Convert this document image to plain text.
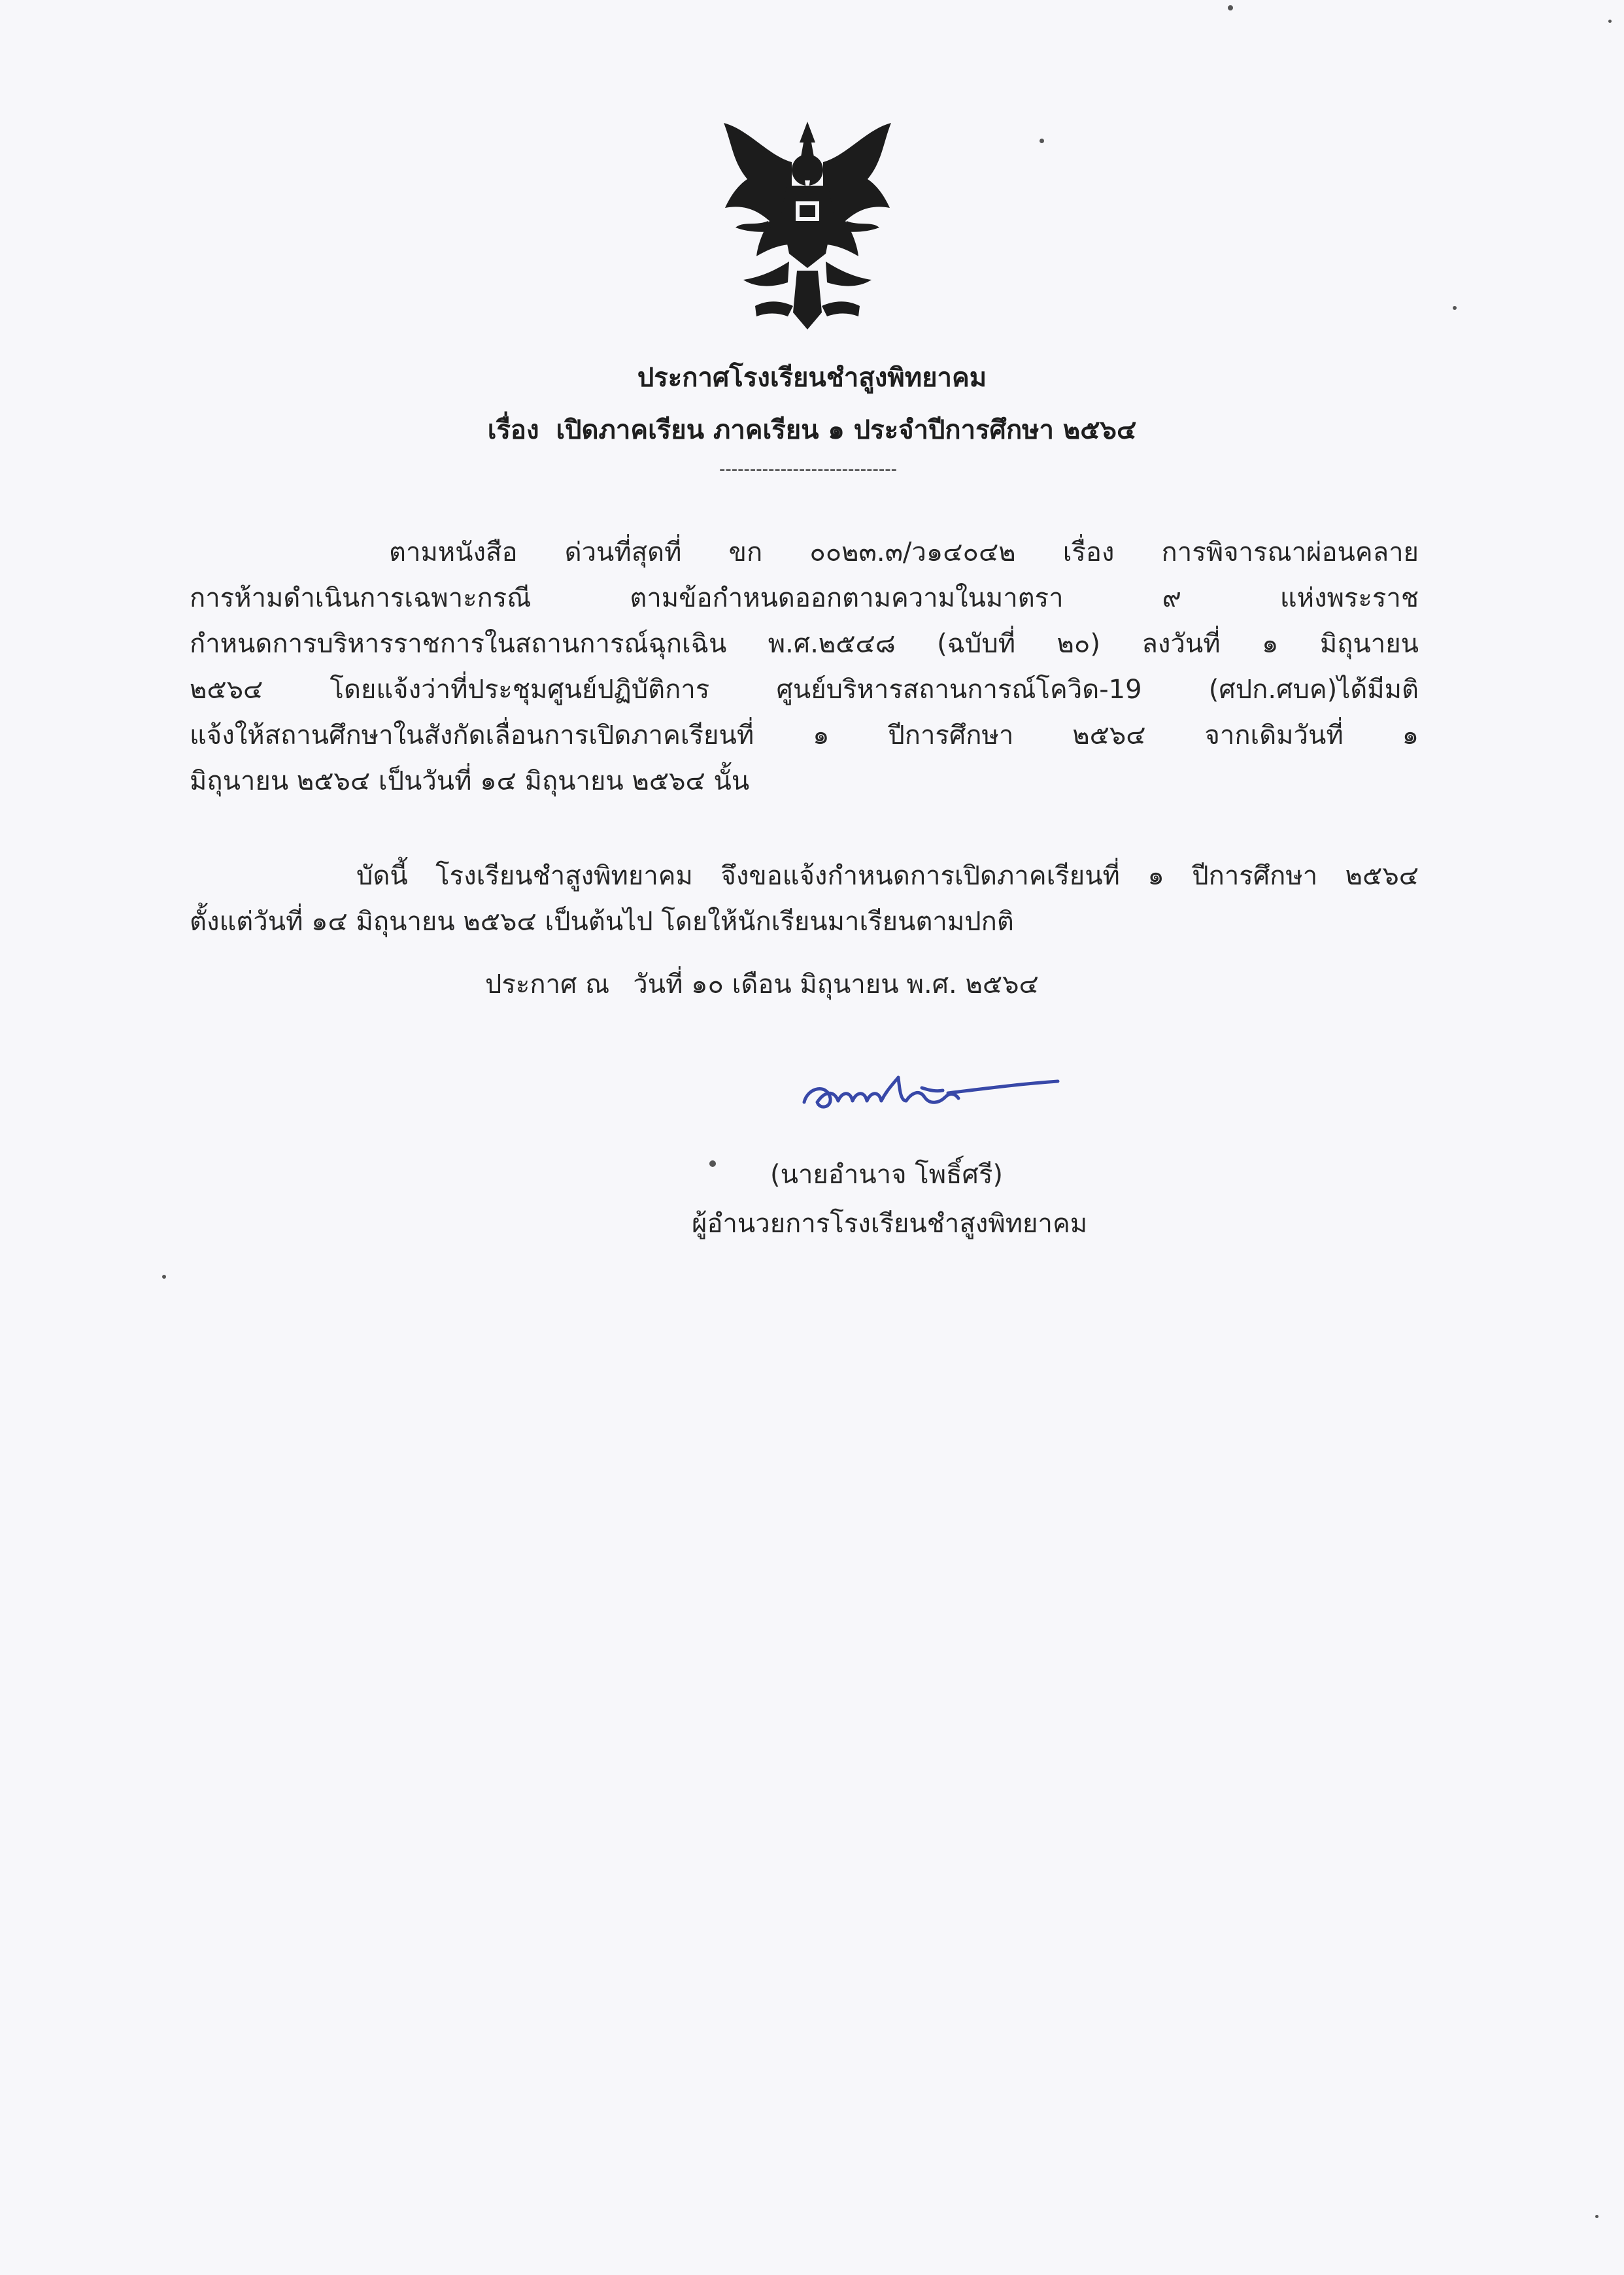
ประกาศโรงเรียนชำสูงพิทยาคม
เรื่อง เปิดภาคเรียน ภาคเรียน ๑ ประจำปีการศึกษา ๒๕๖๔
-----------------------------
ตามหนังสือ ด่วนที่สุดที่ ขก ๐๐๒๓.๓/ว๑๔๐๔๒ เรื่อง การพิจารณาผ่อนคลาย
การห้ามดำเนินการเฉพาะกรณี ตามข้อกำหนดออกตามความในมาตรา ๙ แห่งพระราช
กำหนดการบริหารราชการในสถานการณ์ฉุกเฉิน พ.ศ.๒๕๔๘ (ฉบับที่ ๒๐) ลงวันที่ ๑ มิถุนายน
๒๕๖๔ โดยแจ้งว่าที่ประชุมศูนย์ปฏิบัติการ ศูนย์บริหารสถานการณ์โควิด-19 (ศปก.ศบค)ได้มีมติ
แจ้งให้สถานศึกษาในสังกัดเลื่อนการเปิดภาคเรียนที่ ๑ ปีการศึกษา ๒๕๖๔ จากเดิมวันที่ ๑
มิถุนายน ๒๕๖๔ เป็นวันที่ ๑๔ มิถุนายน ๒๕๖๔ นั้น
บัดนี้ โรงเรียนชำสูงพิทยาคม จึงขอแจ้งกำหนดการเปิดภาคเรียนที่ ๑ ปีการศึกษา ๒๕๖๔
ตั้งแต่วันที่ ๑๔ มิถุนายน ๒๕๖๔ เป็นต้นไป โดยให้นักเรียนมาเรียนตามปกติ
ประกาศ ณ วันที่ ๑๐ เดือน มิถุนายน พ.ศ. ๒๕๖๔
(นายอำนาจ โพธิ์ศรี)
ผู้อำนวยการโรงเรียนชำสูงพิทยาคม
